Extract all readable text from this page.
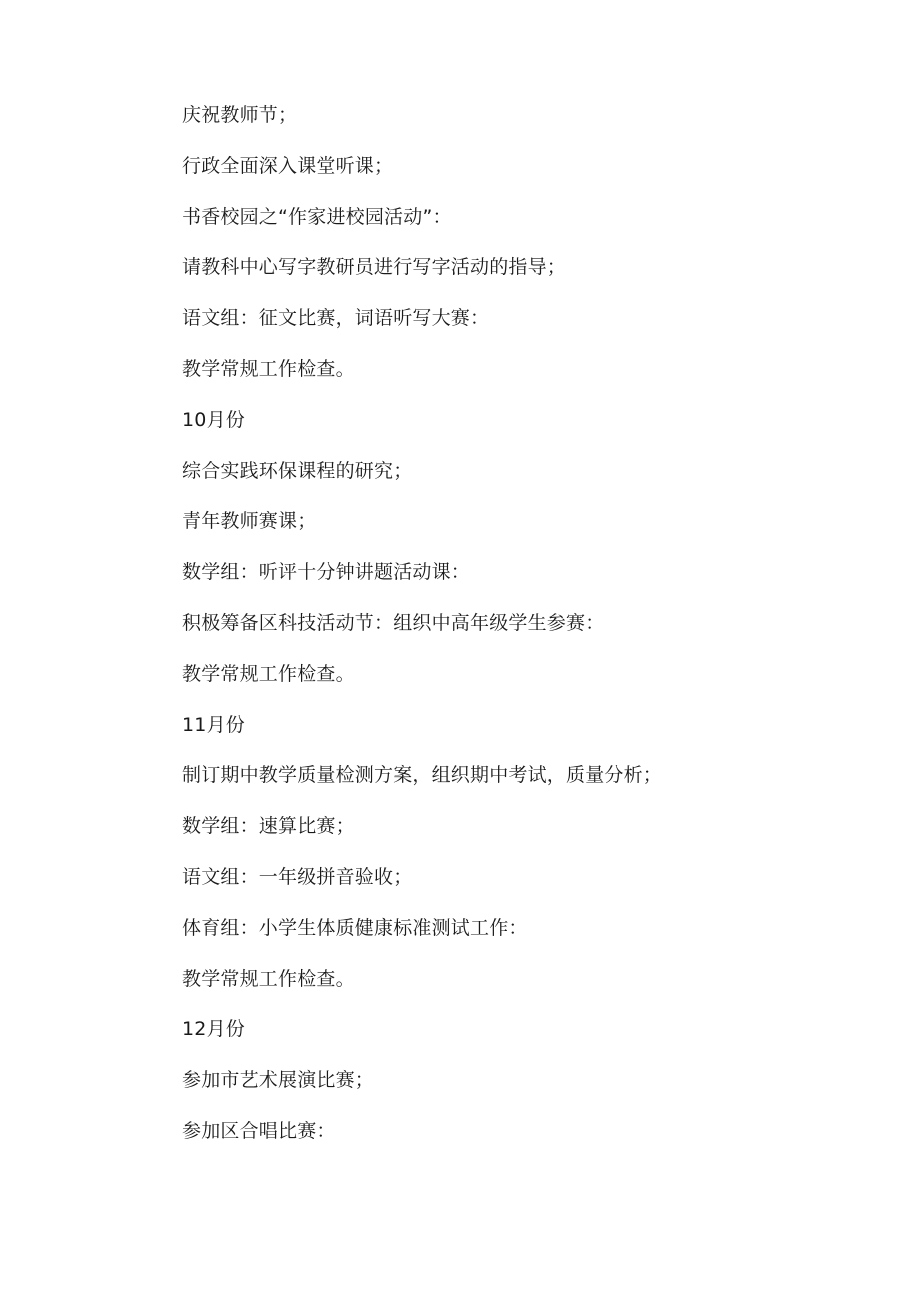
庆祝教师节；
行政全面深入课堂听课；
书香校园之“作家进校园活动”：
请教科中心写字教研员进行写字活动的指导；
语文组：征文比赛，词语听写大赛：
教学常规工作检查。
10月份
综合实践环保课程的研究；
青年教师赛课；
数学组：听评十分钟讲题活动课：
积极筹备区科技活动节：组织中高年级学生参赛：
教学常规工作检查。
11月份
制订期中教学质量检测方案，组织期中考试，质量分析；
数学组：速算比赛；
语文组：一年级拼音验收；
体育组：小学生体质健康标准测试工作：
教学常规工作检查。
12月份
参加市艺术展演比赛；
参加区合唱比赛：
